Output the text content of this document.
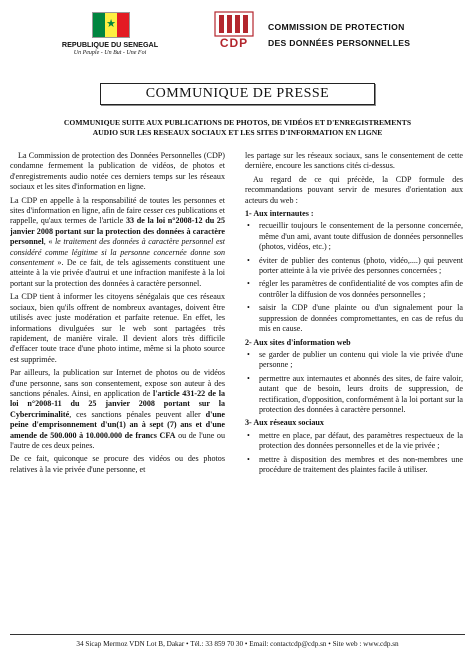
★
REPUBLIQUE DU SENEGAL
Un Peuple - Un But - Une Foi
CDP
COMMISSION DE PROTECTION
DES DONNÉES PERSONNELLES
COMMUNIQUE DE PRESSE
COMMUNIQUE SUITE AUX PUBLICATIONS DE PHOTOS, DE VIDÉOS ET D'ENREGISTREMENTS
AUDIO SUR LES RESEAUX SOCIAUX ET LES SITES D'INFORMATION EN LIGNE

La Commission de protection des Données Personnelles (CDP) condamne fermement la publication de vidéos, de photos et d'enregistrements audio notée ces derniers temps sur les réseaux sociaux et les sites d'information en ligne.

La CDP en appelle à la responsabilité de toutes les personnes et sites d'information en ligne, afin de faire cesser ces publications et rappelle, qu'aux termes de l'article 33 de la loi n°2008-12 du 25 janvier 2008 portant sur la protection des données à caractère personnel, « le traitement des données à caractère personnel est considéré comme légitime si la personne concernée donne son consentement ». De ce fait, de tels agissements constituent une atteinte à la vie privée d'autrui et une infraction manifeste à la loi portant sur la protection des données à caractère personnel.

La CDP tient à informer les citoyens sénégalais que ces réseaux sociaux, bien qu'ils offrent de nombreux avantages, doivent être utilisés avec juste modération et parfaite retenue. En effet, les informations divulguées sur le web sont partagées très rapidement, de manière virale. Il devient alors très difficile d'effacer toute trace d'une photo intime, même si la photo source est supprimée.

Par ailleurs, la publication sur Internet de photos ou de vidéos d'une personne, sans son consentement, expose son auteur à des sanctions pénales. Ainsi, en application de l'article 431-22 de la loi n°2008-11 du 25 janvier 2008 portant sur la Cybercriminalité, ces sanctions pénales peuvent aller d'une peine d'emprisonnement d'un(1) an à sept (7) ans et d'une amende de 500.000 à 10.000.000 de francs CFA ou de l'une ou l'autre de ces deux peines.

De ce fait, quiconque se procure des vidéos ou des photos relatives à la vie privée d'une personne, et

les partage sur les réseaux sociaux, sans le consentement de cette dernière, encoure les sanctions cités ci-dessus.

Au regard de ce qui précède, la CDP formule des recommandations pouvant servir de mesures d'orientation aux acteurs du web :

1- Aux internautes :
• recueillir toujours le consentement de la personne concernée, même d'un ami, avant toute diffusion de données personnelles (photos, vidéos, etc.) ;
• éviter de publier des contenus (photo, vidéo,....) qui peuvent porter atteinte à la vie privée des personnes concernées ;
• régler les paramètres de confidentialité de vos comptes afin de contrôler la diffusion de vos données personnelles ;
• saisir la CDP d'une plainte ou d'un signalement pour la suppression de données compromettantes, en cas de refus du mis en cause.
2- Aux sites d'information web
• se garder de publier un contenu qui viole la vie privée d'une personne ;
• permettre aux internautes et abonnés des sites, de faire valoir, autant que de besoin, leurs droits de suppression, de rectification, d'opposition, conformément à la loi portant sur la protection des données à caractère personnel.
3- Aux réseaux sociaux
• mettre en place, par défaut, des paramètres respectueux de la protection des données personnelles et de la vie privée ;
• mettre à disposition des membres et des non-membres une procédure de traitement des plaintes facile à utiliser.
34 Sicap Mermoz VDN Lot B, Dakar • Tél.: 33 859 70 30 • Email: contactcdp@cdp.sn • Site web : www.cdp.sn
